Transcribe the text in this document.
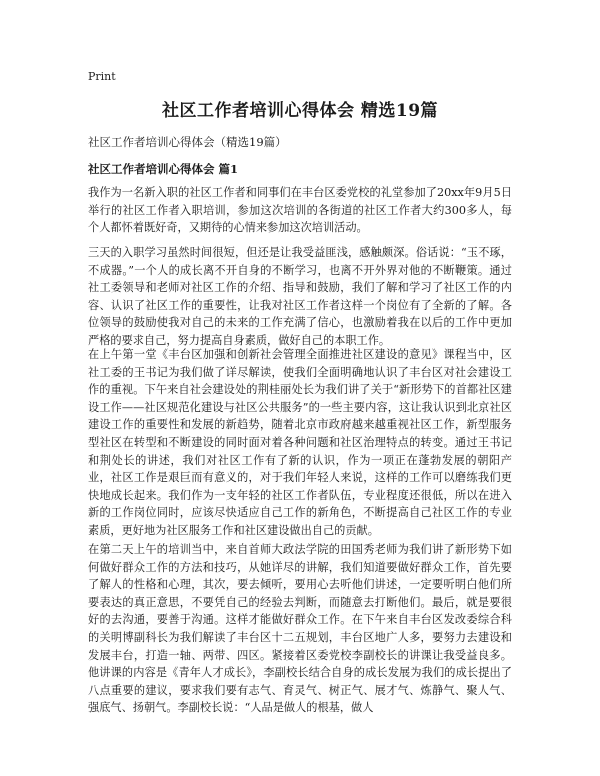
Print
社区工作者培训心得体会 精选19篇
社区工作者培训心得体会（精选19篇）
社区工作者培训心得体会 篇1

我作为一名新入职的社区工作者和同事们在丰台区委党校的礼堂参加了20xx年9月5日举行的社区工作者入职培训，参加这次培训的各街道的社区工作者大约300多人，每个人都怀着既好奇，又期待的心情来参加这次培训活动。

三天的入职学习虽然时间很短，但还是让我受益匪浅，感触颇深。俗话说：“玉不琢，不成器。”一个人的成长离不开自身的不断学习，也离不开外界对他的不断鞭策。通过社工委领导和老师对社区工作的介绍、指导和鼓励，我们了解和学习了社区工作的内容、认识了社区工作的重要性，让我对社区工作者这样一个岗位有了全新的了解。各位领导的鼓励使我对自己的未来的工作充满了信心，也激励着我在以后的工作中更加严格的要求自己，努力提高自身素质，做好自己的本职工作。

在上午第一堂《丰台区加强和创新社会管理全面推进社区建设的意见》课程当中，区社工委的王书记为我们做了详尽解读，使我们全面明确地认识了丰台区对社会建设工作的重视。下午来自社会建设处的荆桂丽处长为我们讲了关于“新形势下的首都社区建设工作——社区规范化建设与社区公共服务”的一些主要内容，这让我认识到北京社区建设工作的重要性和发展的新趋势，随着北京市政府越来越重视社区工作，新型服务型社区在转型和不断建设的同时面对着各种问题和社区治理特点的转变。通过王书记和荆处长的讲述，我们对社区工作有了新的认识，作为一项正在蓬勃发展的朝阳产业，社区工作是艰巨而有意义的，对于我们年轻人来说，这样的工作可以磨练我们更快地成长起来。我们作为一支年轻的社区工作者队伍，专业程度还很低，所以在进入新的工作岗位同时，应该尽快适应自己工作的新角色，不断提高自己社区工作的专业素质，更好地为社区服务工作和社区建设做出自己的贡献。

在第二天上午的培训当中，来自首师大政法学院的田国秀老师为我们讲了新形势下如何做好群众工作的方法和技巧，从她详尽的讲解，我们知道要做好群众工作，首先要了解人的性格和心理，其次，要去倾听，要用心去听他们讲述，一定要听明白他们所要表达的真正意思，不要凭自己的经验去判断，而随意去打断他们。最后，就是要很好的去沟通，要善于沟通。这样才能做好群众工作。在下午来自丰台区发改委综合科的关明博副科长为我们解读了丰台区十二五规划，丰台区地广人多，要努力去建设和发展丰台，打造一轴、两带、四区。紧接着区委党校李副校长的讲课让我受益良多。他讲课的内容是《青年人才成长》，李副校长结合自身的成长发展为我们的成长提出了八点重要的建议，要求我们要有志气、育灵气、树正气、展才气、炼静气、聚人气、强底气、扬朝气。李副校长说：“人品是做人的根基，做人
